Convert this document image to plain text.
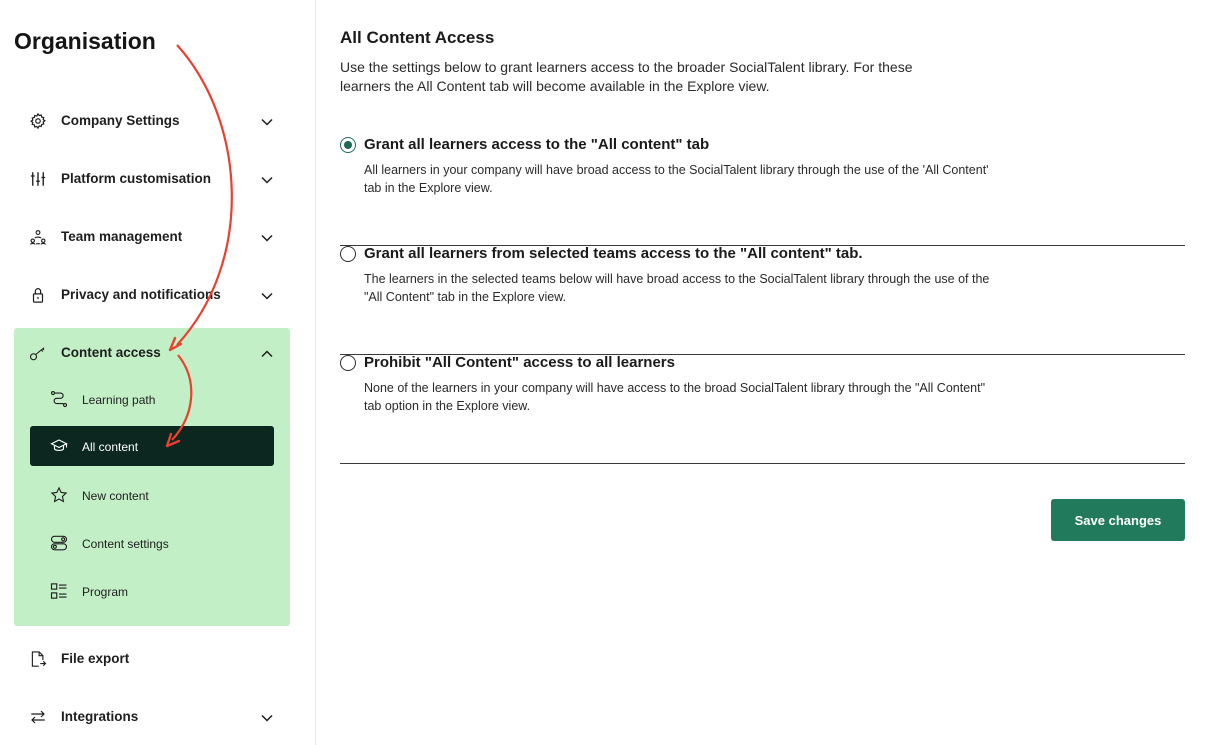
Organisation
Company Settings
Platform customisation
Team management
Privacy and notifications
Content access
Learning path
All content
New content
Content settings
Program
File export
Integrations
All Content Access

Use the settings below to grant learners access to the broader SocialTalent library. For these learners the All Content tab will become available in the Explore view.

Grant all learners access to the "All content" tab

All learners in your company will have broad access to the SocialTalent library through the use of the 'All Content' tab in the Explore view.

Grant all learners from selected teams access to the "All content" tab.

The learners in the selected teams below will have broad access to the SocialTalent library through the use of the "All Content" tab in the Explore view.

Prohibit "All Content" access to all learners

None of the learners in your company will have access to the broad SocialTalent library through the "All Content" tab option in the Explore view.

Save changes
